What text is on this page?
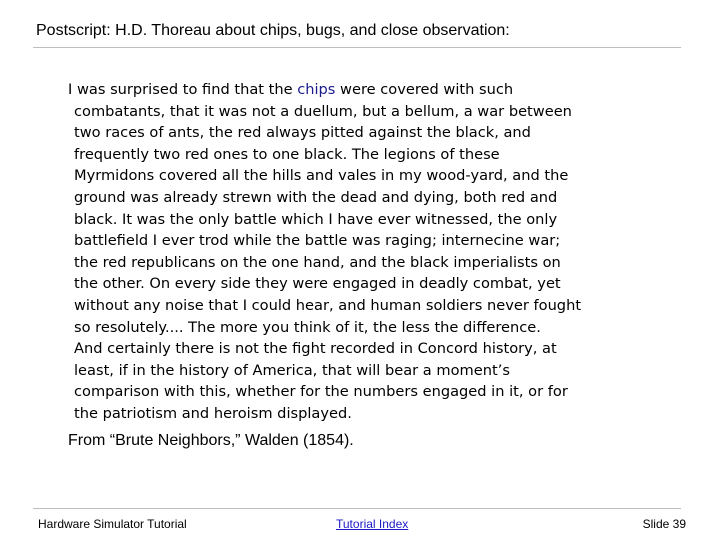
Postscript: H.D. Thoreau about chips, bugs, and close observation:
I was surprised to find that the chips were covered with such
combatants, that it was not a duellum, but a bellum, a war between
two races of ants, the red always pitted against the black, and
frequently two red ones to one black. The legions of these
Myrmidons covered all the hills and vales in my wood-yard, and the
ground was already strewn with the dead and dying, both red and
black. It was the only battle which I have ever witnessed, the only
battlefield I ever trod while the battle was raging; internecine war;
the red republicans on the one hand, and the black imperialists on
the other. On every side they were engaged in deadly combat, yet
without any noise that I could hear, and human soldiers never fought
so resolutely.... The more you think of it, the less the difference.
And certainly there is not the fight recorded in Concord history, at
least, if in the history of America, that will bear a moment’s
comparison with this, whether for the numbers engaged in it, or for
the patriotism and heroism displayed.
From “Brute Neighbors,” Walden (1854).
Hardware Simulator Tutorial	Tutorial Index	Slide 39
